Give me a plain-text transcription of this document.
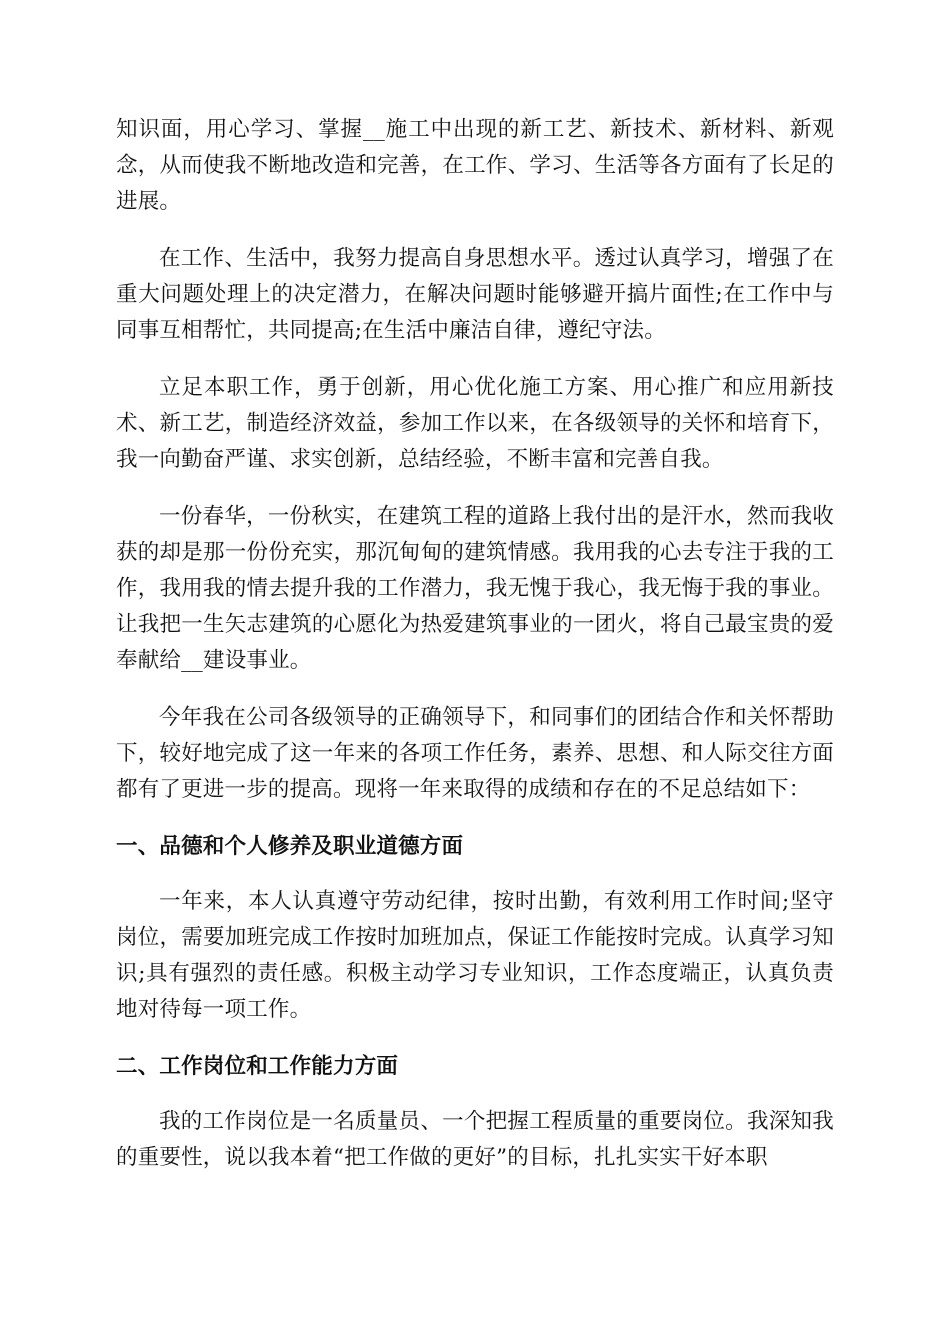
知识面，用心学习、掌握__施工中出现的新工艺、新技术、新材料、新观念，从而使我不断地改造和完善，在工作、学习、生活等各方面有了长足的进展。

在工作、生活中，我努力提高自身思想水平。透过认真学习，增强了在重大问题处理上的决定潜力，在解决问题时能够避开搞片面性;在工作中与同事互相帮忙，共同提高;在生活中廉洁自律，遵纪守法。

立足本职工作，勇于创新，用心优化施工方案、用心推广和应用新技术、新工艺，制造经济效益，参加工作以来，在各级领导的关怀和培育下，我一向勤奋严谨、求实创新，总结经验，不断丰富和完善自我。

一份春华，一份秋实，在建筑工程的道路上我付出的是汗水，然而我收获的却是那一份份充实，那沉甸甸的建筑情感。我用我的心去专注于我的工作，我用我的情去提升我的工作潜力，我无愧于我心，我无悔于我的事业。让我把一生矢志建筑的心愿化为热爱建筑事业的一团火，将自己最宝贵的爱奉献给__建设事业。

今年我在公司各级领导的正确领导下，和同事们的团结合作和关怀帮助下，较好地完成了这一年来的各项工作任务，素养、思想、和人际交往方面都有了更进一步的提高。现将一年来取得的成绩和存在的不足总结如下：

一、品德和个人修养及职业道德方面

一年来，本人认真遵守劳动纪律，按时出勤，有效利用工作时间;坚守岗位，需要加班完成工作按时加班加点，保证工作能按时完成。认真学习知识;具有强烈的责任感。积极主动学习专业知识，工作态度端正，认真负责地对待每一项工作。

二、工作岗位和工作能力方面

我的工作岗位是一名质量员、一个把握工程质量的重要岗位。我深知我的重要性，说以我本着“把工作做的更好”的目标，扎扎实实干好本职
